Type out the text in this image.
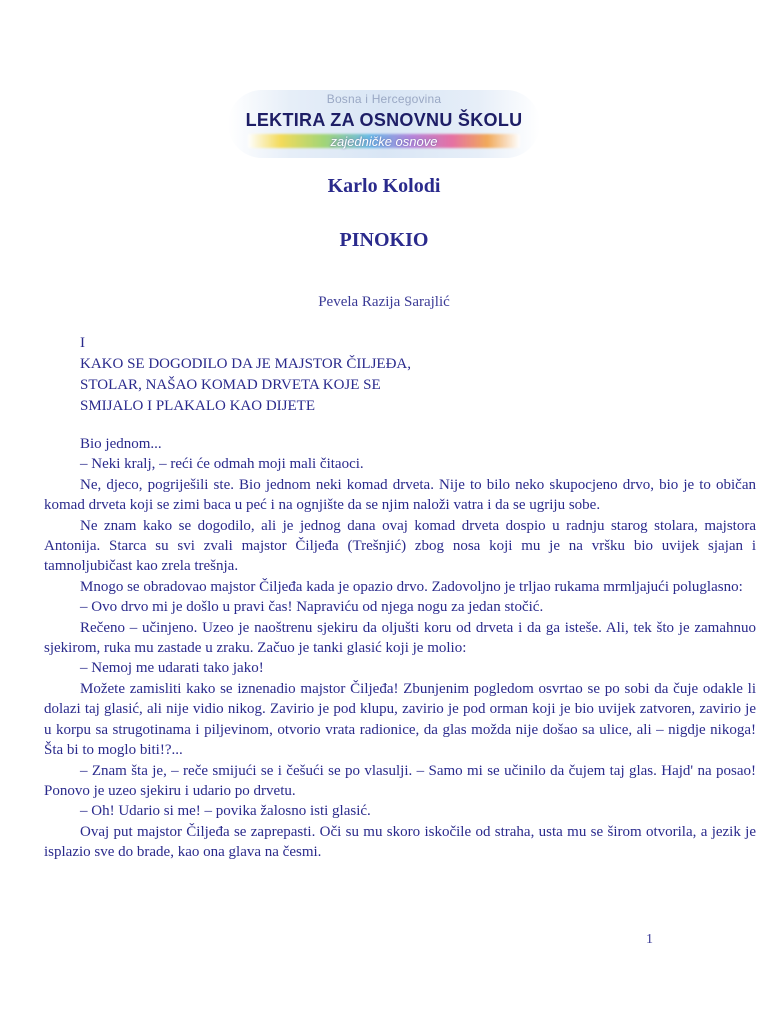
Bosna i Hercegovina
LEKTIRA ZA OSNOVNU ŠKOLU
zajedničke osnove
Karlo Kolodi
PINOKIO
Pevela Razija Sarajlić
I
KAKO SE DOGODILO DA JE MAJSTOR ČILJEĐA,
STOLAR, NAŠAO KOMAD DRVETA KOJE SE
SMIJALO I PLAKALO KAO DIJETE

Bio jednom...

– Neki kralj, – reći će odmah moji mali čitaoci.

Ne, djeco, pogriješili ste. Bio jednom neki komad drveta. Nije to bilo neko skupocjeno drvo, bio je to običan komad drveta koji se zimi baca u peć i na ognjište da se njim naloži vatra i da se ugriju sobe.

Ne znam kako se dogodilo, ali je jednog dana ovaj komad drveta dospio u radnju starog stolara, majstora Antonija. Starca su svi zvali majstor Čiljeđa (Trešnjić) zbog nosa koji mu je na vršku bio uvijek sjajan i tamnoljubičast kao zrela trešnja.

Mnogo se obradovao majstor Čiljeđa kada je opazio drvo. Zadovoljno je trljao rukama mrmljajući poluglasno:

– Ovo drvo mi je došlo u pravi čas! Napraviću od njega nogu za jedan stočić.

Rečeno – učinjeno. Uzeo je naoštrenu sjekiru da oljušti koru od drveta i da ga isteše. Ali, tek što je zamahnuo sjekirom, ruka mu zastade u zraku. Začuo je tanki glasić koji je molio:

– Nemoj me udarati tako jako!

Možete zamisliti kako se iznenadio majstor Čiljeđa! Zbunjenim pogledom osvrtao se po sobi da čuje odakle li dolazi taj glasić, ali nije vidio nikog. Zavirio je pod klupu, zavirio je pod orman koji je bio uvijek zatvoren, zavirio je u korpu sa strugotinama i piljevinom, otvorio vrata radionice, da glas možda nije došao sa ulice, ali – nigdje nikoga! Šta bi to moglo biti!?...

– Znam šta je, – reče smijući se i češući se po vlasulji. – Samo mi se učinilo da čujem taj glas. Hajd' na posao! Ponovo je uzeo sjekiru i udario po drvetu.

– Oh! Udario si me! – povika žalosno isti glasić.

Ovaj put majstor Čiljeđa se zaprepasti. Oči su mu skoro iskočile od straha, usta mu se širom otvorila, a jezik je isplazio sve do brade, kao ona glava na česmi.

1
